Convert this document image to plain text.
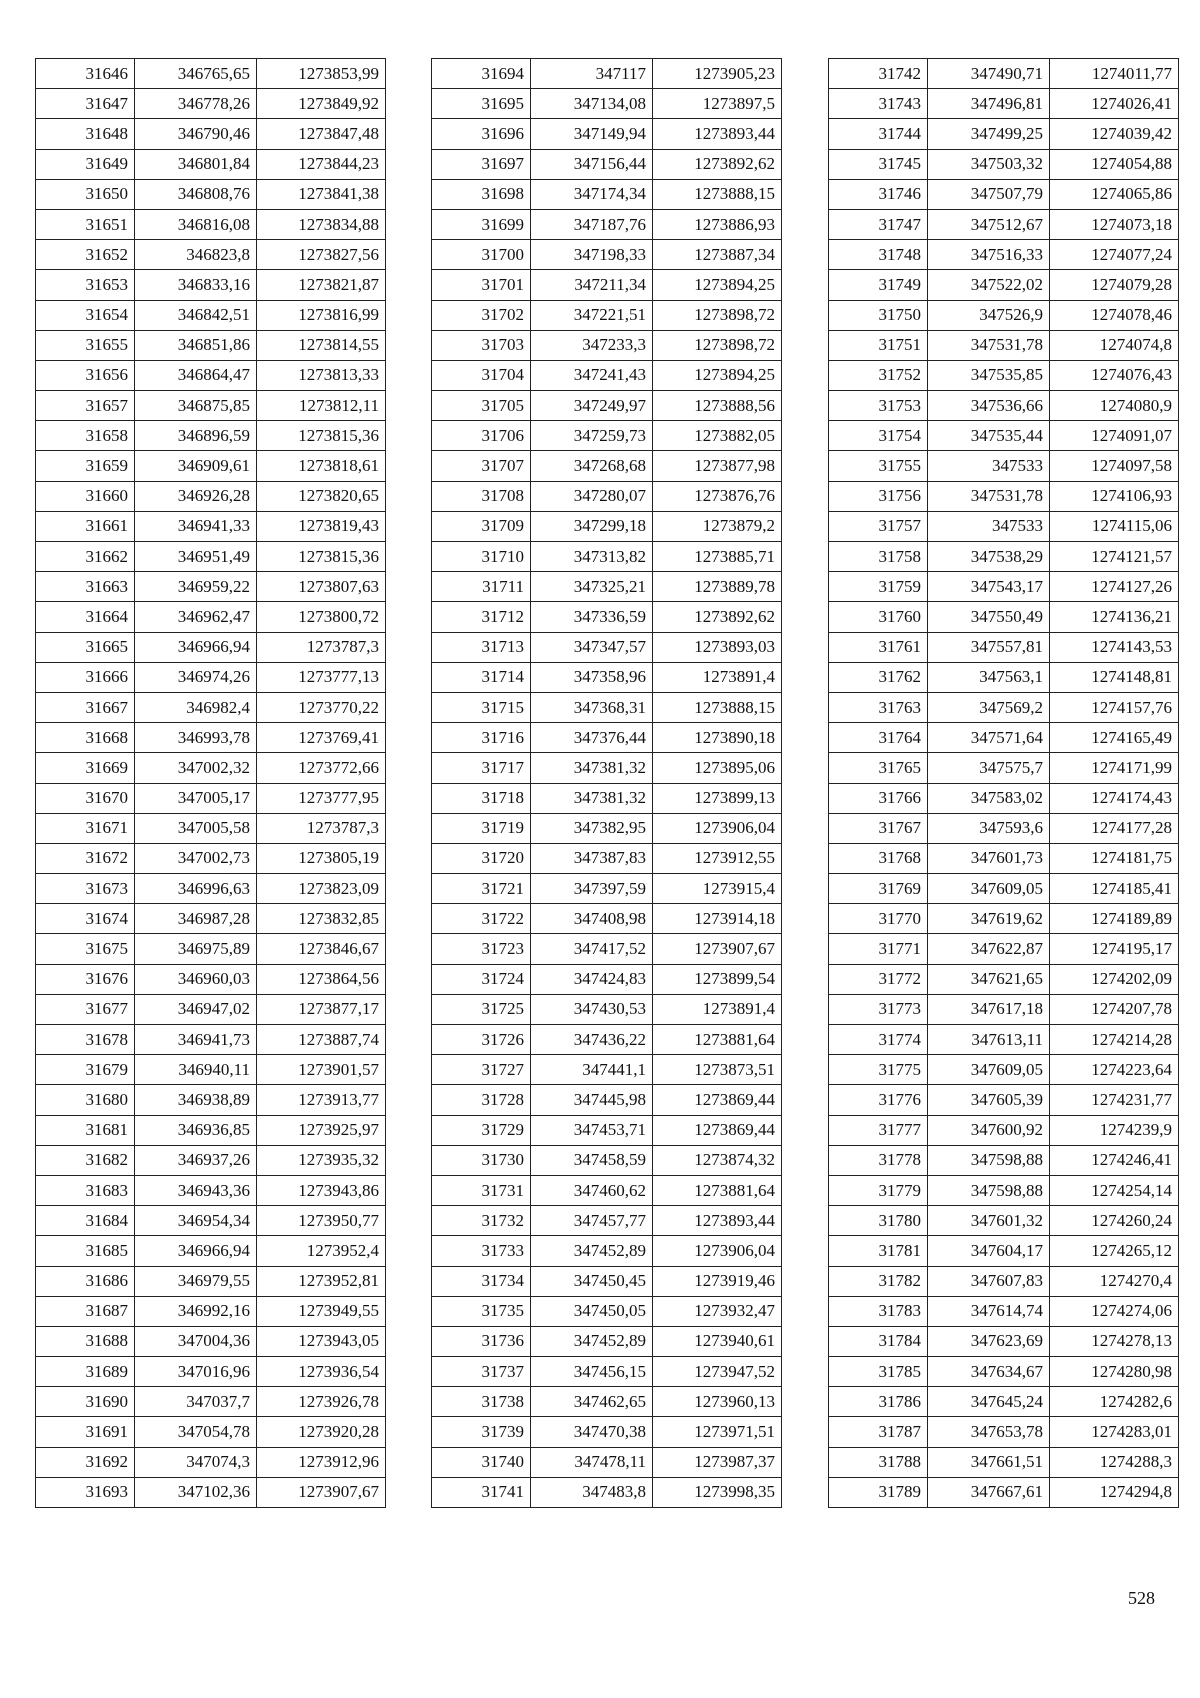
31646	346765,65	1273853,99
31647	346778,26	1273849,92
31648	346790,46	1273847,48
31649	346801,84	1273844,23
31650	346808,76	1273841,38
31651	346816,08	1273834,88
31652	346823,8	1273827,56
31653	346833,16	1273821,87
31654	346842,51	1273816,99
31655	346851,86	1273814,55
31656	346864,47	1273813,33
31657	346875,85	1273812,11
31658	346896,59	1273815,36
31659	346909,61	1273818,61
31660	346926,28	1273820,65
31661	346941,33	1273819,43
31662	346951,49	1273815,36
31663	346959,22	1273807,63
31664	346962,47	1273800,72
31665	346966,94	1273787,3
31666	346974,26	1273777,13
31667	346982,4	1273770,22
31668	346993,78	1273769,41
31669	347002,32	1273772,66
31670	347005,17	1273777,95
31671	347005,58	1273787,3
31672	347002,73	1273805,19
31673	346996,63	1273823,09
31674	346987,28	1273832,85
31675	346975,89	1273846,67
31676	346960,03	1273864,56
31677	346947,02	1273877,17
31678	346941,73	1273887,74
31679	346940,11	1273901,57
31680	346938,89	1273913,77
31681	346936,85	1273925,97
31682	346937,26	1273935,32
31683	346943,36	1273943,86
31684	346954,34	1273950,77
31685	346966,94	1273952,4
31686	346979,55	1273952,81
31687	346992,16	1273949,55
31688	347004,36	1273943,05
31689	347016,96	1273936,54
31690	347037,7	1273926,78
31691	347054,78	1273920,28
31692	347074,3	1273912,96
31693	347102,36	1273907,67
31694	347117	1273905,23
31695	347134,08	1273897,5
31696	347149,94	1273893,44
31697	347156,44	1273892,62
31698	347174,34	1273888,15
31699	347187,76	1273886,93
31700	347198,33	1273887,34
31701	347211,34	1273894,25
31702	347221,51	1273898,72
31703	347233,3	1273898,72
31704	347241,43	1273894,25
31705	347249,97	1273888,56
31706	347259,73	1273882,05
31707	347268,68	1273877,98
31708	347280,07	1273876,76
31709	347299,18	1273879,2
31710	347313,82	1273885,71
31711	347325,21	1273889,78
31712	347336,59	1273892,62
31713	347347,57	1273893,03
31714	347358,96	1273891,4
31715	347368,31	1273888,15
31716	347376,44	1273890,18
31717	347381,32	1273895,06
31718	347381,32	1273899,13
31719	347382,95	1273906,04
31720	347387,83	1273912,55
31721	347397,59	1273915,4
31722	347408,98	1273914,18
31723	347417,52	1273907,67
31724	347424,83	1273899,54
31725	347430,53	1273891,4
31726	347436,22	1273881,64
31727	347441,1	1273873,51
31728	347445,98	1273869,44
31729	347453,71	1273869,44
31730	347458,59	1273874,32
31731	347460,62	1273881,64
31732	347457,77	1273893,44
31733	347452,89	1273906,04
31734	347450,45	1273919,46
31735	347450,05	1273932,47
31736	347452,89	1273940,61
31737	347456,15	1273947,52
31738	347462,65	1273960,13
31739	347470,38	1273971,51
31740	347478,11	1273987,37
31741	347483,8	1273998,35
31742	347490,71	1274011,77
31743	347496,81	1274026,41
31744	347499,25	1274039,42
31745	347503,32	1274054,88
31746	347507,79	1274065,86
31747	347512,67	1274073,18
31748	347516,33	1274077,24
31749	347522,02	1274079,28
31750	347526,9	1274078,46
31751	347531,78	1274074,8
31752	347535,85	1274076,43
31753	347536,66	1274080,9
31754	347535,44	1274091,07
31755	347533	1274097,58
31756	347531,78	1274106,93
31757	347533	1274115,06
31758	347538,29	1274121,57
31759	347543,17	1274127,26
31760	347550,49	1274136,21
31761	347557,81	1274143,53
31762	347563,1	1274148,81
31763	347569,2	1274157,76
31764	347571,64	1274165,49
31765	347575,7	1274171,99
31766	347583,02	1274174,43
31767	347593,6	1274177,28
31768	347601,73	1274181,75
31769	347609,05	1274185,41
31770	347619,62	1274189,89
31771	347622,87	1274195,17
31772	347621,65	1274202,09
31773	347617,18	1274207,78
31774	347613,11	1274214,28
31775	347609,05	1274223,64
31776	347605,39	1274231,77
31777	347600,92	1274239,9
31778	347598,88	1274246,41
31779	347598,88	1274254,14
31780	347601,32	1274260,24
31781	347604,17	1274265,12
31782	347607,83	1274270,4
31783	347614,74	1274274,06
31784	347623,69	1274278,13
31785	347634,67	1274280,98
31786	347645,24	1274282,6
31787	347653,78	1274283,01
31788	347661,51	1274288,3
31789	347667,61	1274294,8
528
